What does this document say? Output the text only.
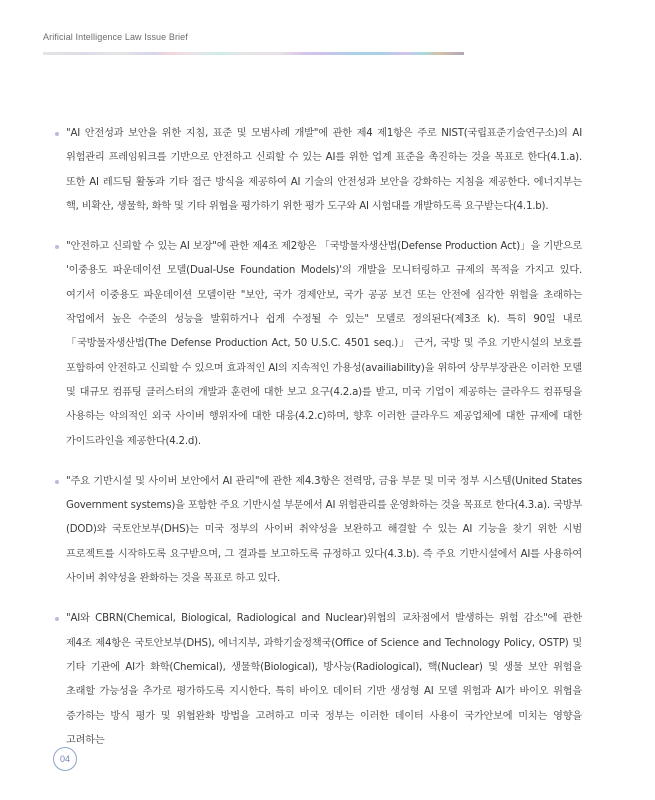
Arificial Intelligence Law Issue Brief
"AI 안전성과 보안을 위한 지침, 표준 및 모범사례 개발"에 관한 제4 제1항은 주로 NIST(국립표준기술연구소)의 AI 위험관리 프레임워크를 기반으로 안전하고 신뢰할 수 있는 AI를 위한 업계 표준을 촉진하는 것을 목표로 한다(4.1.a). 또한 AI 레드팀 활동과 기타 접근 방식을 제공하여 AI 기술의 안전성과 보안을 강화하는 지침을 제공한다. 에너지부는 핵, 비확산, 생물학, 화학 및 기타 위협을 평가하기 위한 평가 도구와 AI 시험대를 개발하도록 요구받는다(4.1.b).
"안전하고 신뢰할 수 있는 AI 보장"에 관한 제4조 제2항은 「국방물자생산법(Defense Production Act)」을 기반으로 '이중용도 파운데이션 모델(Dual-Use Foundation Models)'의 개발을 모니터링하고 규제의 목적을 가지고 있다. 여기서 이중용도 파운데이션 모델이란 "보안, 국가 경제안보, 국가 공공 보건 또는 안전에 심각한 위험을 초래하는 작업에서 높은 수준의 성능을 발휘하거나 쉽게 수정될 수 있는" 모델로 정의된다(제3조 k). 특히 90일 내로 「국방물자생산법(The Defense Production Act, 50 U.S.C. 4501 seq.)」 근거, 국방 및 주요 기반시설의 보호를 포함하여 안전하고 신뢰할 수 있으며 효과적인 AI의 지속적인 가용성(availiability)을 위하여 상무부장관은 이러한 모델 및 대규모 컴퓨팅 클러스터의 개발과 훈련에 대한 보고 요구(4.2.a)를 받고, 미국 기업이 제공하는 클라우드 컴퓨팅을 사용하는 악의적인 외국 사이버 행위자에 대한 대응(4.2.c)하며, 향후 이러한 클라우드 제공업체에 대한 규제에 대한 가이드라인을 제공한다(4.2.d).
"주요 기반시설 및 사이버 보안에서 AI 관리"에 관한 제4.3항은 전력망, 금융 부문 및 미국 정부 시스템(United States Government systems)을 포함한 주요 기반시설 부문에서 AI 위험관리를 운영화하는 것을 목표로 한다(4.3.a). 국방부(DOD)와 국토안보부(DHS)는 미국 정부의 사이버 취약성을 보완하고 해결할 수 있는 AI 기능을 찾기 위한 시범 프로젝트를 시작하도록 요구받으며, 그 결과를 보고하도록 규정하고 있다(4.3.b). 즉 주요 기반시설에서 AI를 사용하여 사이버 취약성을 완화하는 것을 목표로 하고 있다.
"AI와 CBRN(Chemical, Biological, Radiological and Nuclear)위협의 교차점에서 발생하는 위험 감소"에 관한 제4조 제4항은 국토안보부(DHS), 에너지부, 과학기술정책국(Office of Science and Technology Policy, OSTP) 및 기타 기관에 AI가 화학(Chemical), 생물학(Biological), 방사능(Radiological), 핵(Nuclear) 및 생물 보안 위험을 초래할 가능성을 추가로 평가하도록 지시한다. 특히 바이오 데이터 기반 생성형 AI 모델 위험과 AI가 바이오 위협을 증가하는 방식 평가 및 위협완화 방법을 고려하고 미국 정부는 이러한 데이터 사용이 국가안보에 미치는 영향을 고려하는
04
